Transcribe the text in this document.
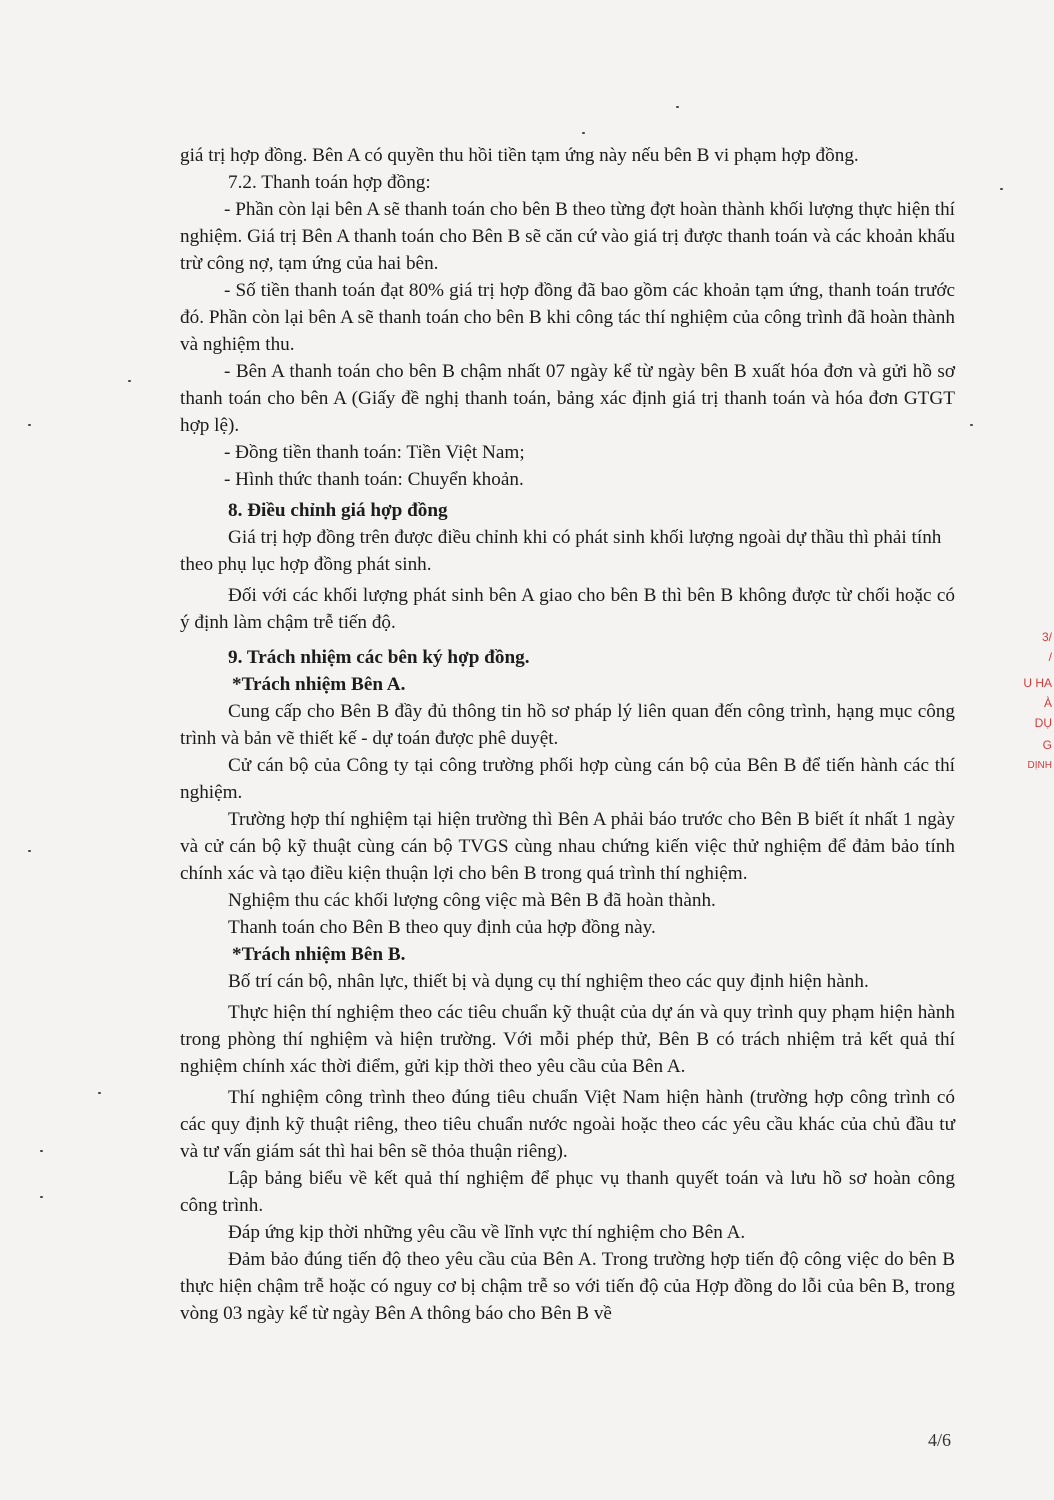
giá trị hợp đồng. Bên A có quyền thu hồi tiền tạm ứng này nếu bên B vi phạm hợp đồng.

7.2. Thanh toán hợp đồng:

- Phần còn lại bên A sẽ thanh toán cho bên B theo từng đợt hoàn thành khối lượng thực hiện thí nghiệm. Giá trị Bên A thanh toán cho Bên B sẽ căn cứ vào giá trị được thanh toán và các khoản khấu trừ công nợ, tạm ứng của hai bên.

- Số tiền thanh toán đạt 80% giá trị hợp đồng đã bao gồm các khoản tạm ứng, thanh toán trước đó. Phần còn lại bên A sẽ thanh toán cho bên B khi công tác thí nghiệm của công trình đã hoàn thành và nghiệm thu.

- Bên A thanh toán cho bên B chậm nhất 07 ngày kể từ ngày bên B xuất hóa đơn và gửi hồ sơ thanh toán cho bên A (Giấy đề nghị thanh toán, bảng xác định giá trị thanh toán và hóa đơn GTGT hợp lệ).

- Đồng tiền thanh toán: Tiền Việt Nam;

- Hình thức thanh toán: Chuyển khoản.

8. Điều chỉnh giá hợp đồng

Giá trị hợp đồng trên được điều chỉnh khi có phát sinh khối lượng ngoài dự thầu thì phải tính theo phụ lục hợp đồng phát sinh.

Đối với các khối lượng phát sinh bên A giao cho bên B thì bên B không được từ chối hoặc có ý định làm chậm trễ tiến độ.

9. Trách nhiệm các bên ký hợp đồng.

*Trách nhiệm Bên A.

Cung cấp cho Bên B đầy đủ thông tin hồ sơ pháp lý liên quan đến công trình, hạng mục công trình và bản vẽ thiết kế - dự toán được phê duyệt.

Cử cán bộ của Công ty tại công trường phối hợp cùng cán bộ của Bên B để tiến hành các thí nghiệm.

Trường hợp thí nghiệm tại hiện trường thì Bên A phải báo trước cho Bên B biết ít nhất 1 ngày và cử cán bộ kỹ thuật cùng cán bộ TVGS cùng nhau chứng kiến việc thử nghiệm để đảm bảo tính chính xác và tạo điều kiện thuận lợi cho bên B trong quá trình thí nghiệm.

Nghiệm thu các khối lượng công việc mà Bên B đã hoàn thành.

Thanh toán cho Bên B theo quy định của hợp đồng này.

*Trách nhiệm Bên B.

Bố trí cán bộ, nhân lực, thiết bị và dụng cụ thí nghiệm theo các quy định hiện hành.

Thực hiện thí nghiệm theo các tiêu chuẩn kỹ thuật của dự án và quy trình quy phạm hiện hành trong phòng thí nghiệm và hiện trường. Với mỗi phép thử, Bên B có trách nhiệm trả kết quả thí nghiệm chính xác thời điểm, gửi kịp thời theo yêu cầu của Bên A.

Thí nghiệm công trình theo đúng tiêu chuẩn Việt Nam hiện hành (trường hợp công trình có các quy định kỹ thuật riêng, theo tiêu chuẩn nước ngoài hoặc theo các yêu cầu khác của chủ đầu tư và tư vấn giám sát thì hai bên sẽ thỏa thuận riêng).

Lập bảng biểu về kết quả thí nghiệm để phục vụ thanh quyết toán và lưu hồ sơ hoàn công công trình.

Đáp ứng kịp thời những yêu cầu về lĩnh vực thí nghiệm cho Bên A.

Đảm bảo đúng tiến độ theo yêu cầu của Bên A. Trong trường hợp tiến độ công việc do bên B thực hiện chậm trễ hoặc có nguy cơ bị chậm trễ so với tiến độ của Hợp đồng do lỗi của bên B, trong vòng 03 ngày kể từ ngày Bên A thông báo cho Bên B về

4/6
3/
/
U HA
À
DỤ
G
DỊNH
